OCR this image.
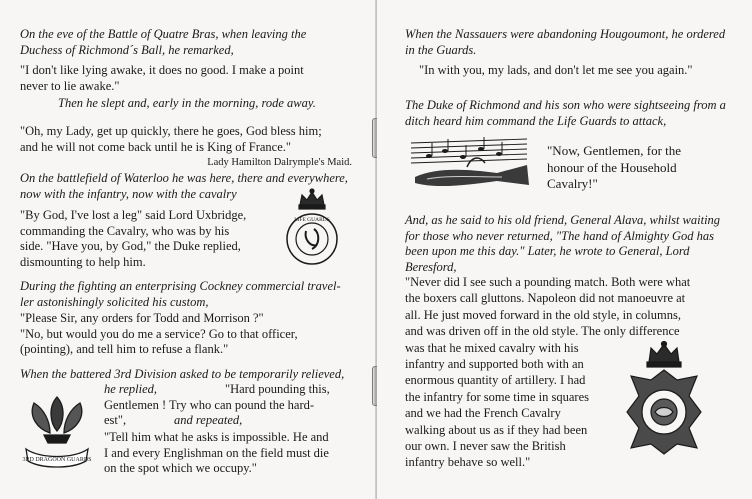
On the eve of the Battle of Quatre Bras, when leaving the
Duchess of Richmond´s Ball, he remarked,
"I don't like lying awake, it does no good. I make a point
never to lie awake."
Then he slept and, early in the morning, rode away.
"Oh, my Lady, get up quickly, there he goes, God bless him;
and he will not come back until he is King of France."
Lady Hamilton Dalrymple's Maid.
On the battlefield of Waterloo he was here, there and everywhere,
now with the infantry, now with the cavalry
"By God, I've lost a leg" said Lord Uxbridge,
commanding the Cavalry, who was by his
side. "Have you, by God," the Duke replied,
dismounting to help him.
LIFE GUARDS
During the fighting an enterprising Cockney commercial travel-
ler astonishingly solicited his custom,
"Please Sir, any orders for Todd and Morrison ?"
"No, but would you do me a service? Go to that officer,
(pointing), and tell him to refuse a flank."
When the battered 3rd Division asked to be temporarily relieved,
he replied,	"Hard pounding this,
Gentlemen ! Try who can pound the hard-
est",	and repeated,
"Tell him what he asks is impossible. He and
I and every Englishman on the field must die
on the spot which we occupy."
3RD DRAGOON GUARDS
When the Nassauers were abandoning Hougoumont, he ordered
in the Guards.
"In with you, my lads, and don't let me see you again."
The Duke of Richmond and his son who were sightseeing from a
ditch heard him command the Life Guards to attack,
"Now, Gentlemen, for the
honour of the Household
Cavalry!"
And, as he said to his old friend, General Alava, whilst waiting
for those who never returned, "The hand of Almighty God has
been upon me this day." Later, he wrote to General, Lord Beresford,
"Never did I see such a pounding match. Both were what
the boxers call gluttons. Napoleon did not manoeuvre at
all. He just moved forward in the old style, in columns,
and was driven off in the old style. The only difference
was that he mixed cavalry with his
infantry and supported both with an
enormous quantity of artillery. I had
the infantry for some time in squares
and we had the French Cavalry
walking about us as if they had been
our own. I never saw the British
infantry behave so well."
